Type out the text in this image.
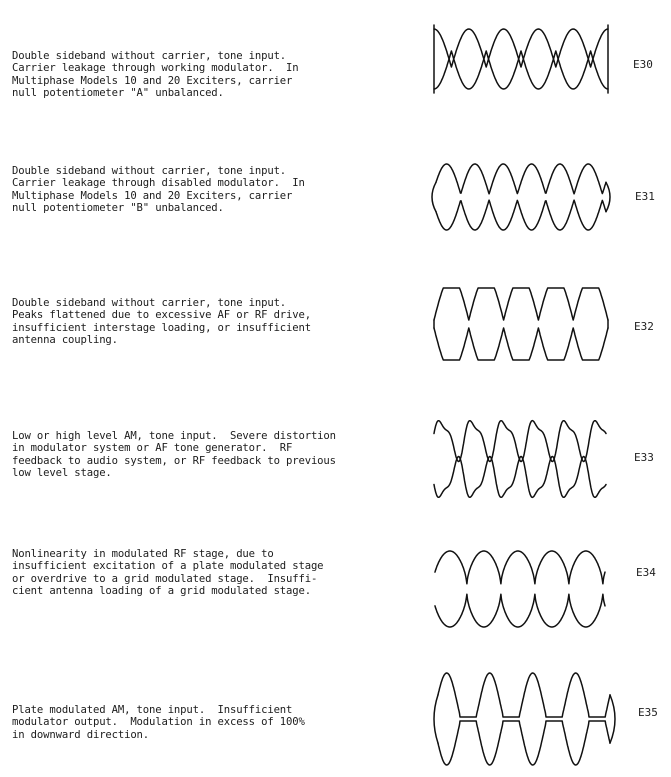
Double sideband without carrier, tone input.
Carrier leakage through working modulator.  In
Multiphase Models 10 and 20 Exciters, carrier
null potentiometer "A" unbalanced.
E30
Double sideband without carrier, tone input.
Carrier leakage through disabled modulator.  In
Multiphase Models 10 and 20 Exciters, carrier
null potentiometer "B" unbalanced.
E31
Double sideband without carrier, tone input.
Peaks flattened due to excessive AF or RF drive,
insufficient interstage loading, or insufficient
antenna coupling.
E32
Low or high level AM, tone input.  Severe distortion
in modulator system or AF tone generator.  RF
feedback to audio system, or RF feedback to previous
low level stage.
E33
Nonlinearity in modulated RF stage, due to
insufficient excitation of a plate modulated stage
or overdrive to a grid modulated stage.  Insuffi-
cient antenna loading of a grid modulated stage.
E34
Plate modulated AM, tone input.  Insufficient
modulator output.  Modulation in excess of 100%
in downward direction.
E35
